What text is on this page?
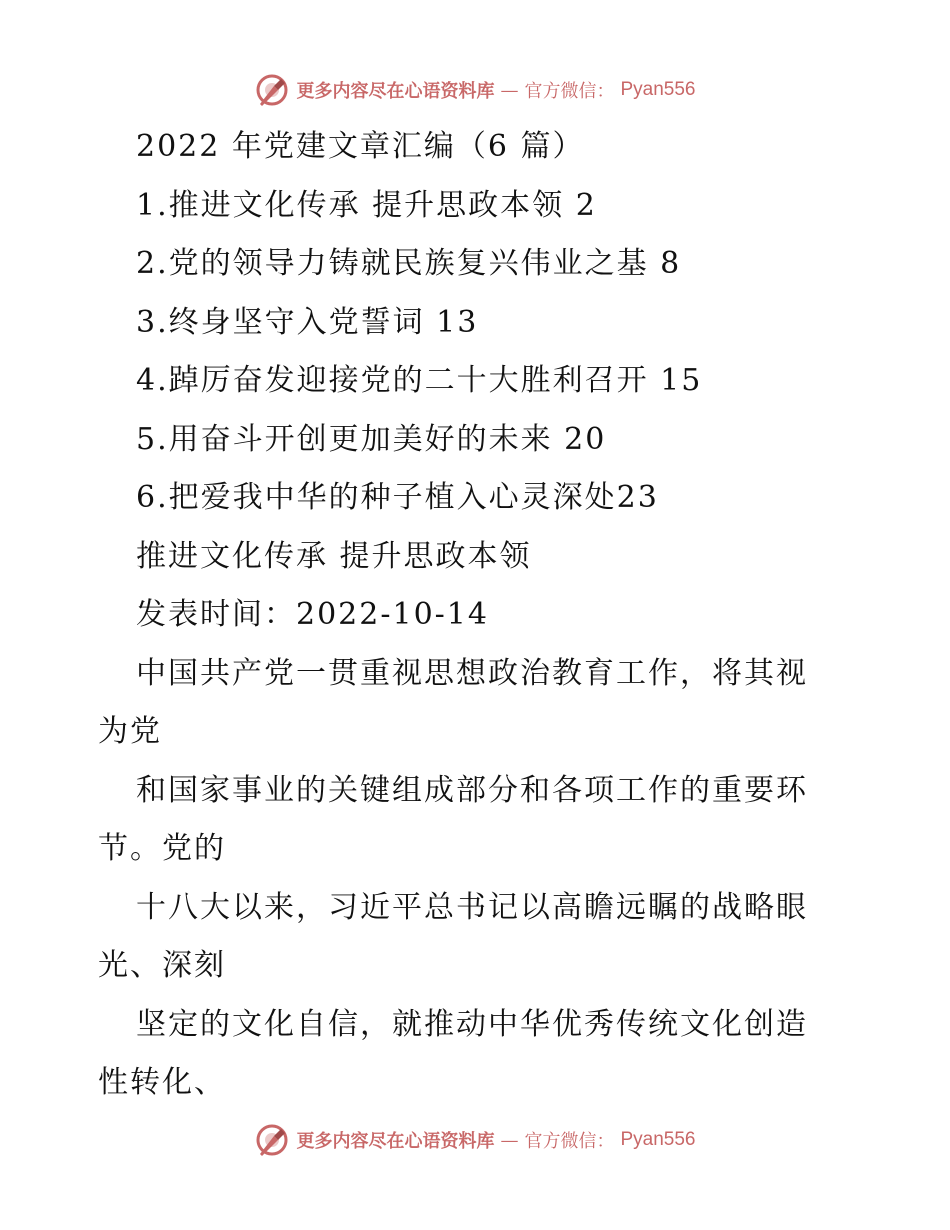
更多内容尽在心语资料库 — 官方微信： Pyan556
2022 年党建文章汇编（6 篇）
1.推进文化传承 提升思政本领 2
2.党的领导力铸就民族复兴伟业之基 8
3.终身坚守入党誓词 13
4.踔厉奋发迎接党的二十大胜利召开 15
5.用奋斗开创更加美好的未来 20
6.把爱我中华的种子植入心灵深处23
推进文化传承 提升思政本领
发表时间：2022-10-14
中国共产党一贯重视思想政治教育工作，将其视
为党
和国家事业的关键组成部分和各项工作的重要环
节。党的
十八大以来，习近平总书记以高瞻远瞩的战略眼
光、深刻
坚定的文化自信，就推动中华优秀传统文化创造
性转化、
更多内容尽在心语资料库 — 官方微信： Pyan556
